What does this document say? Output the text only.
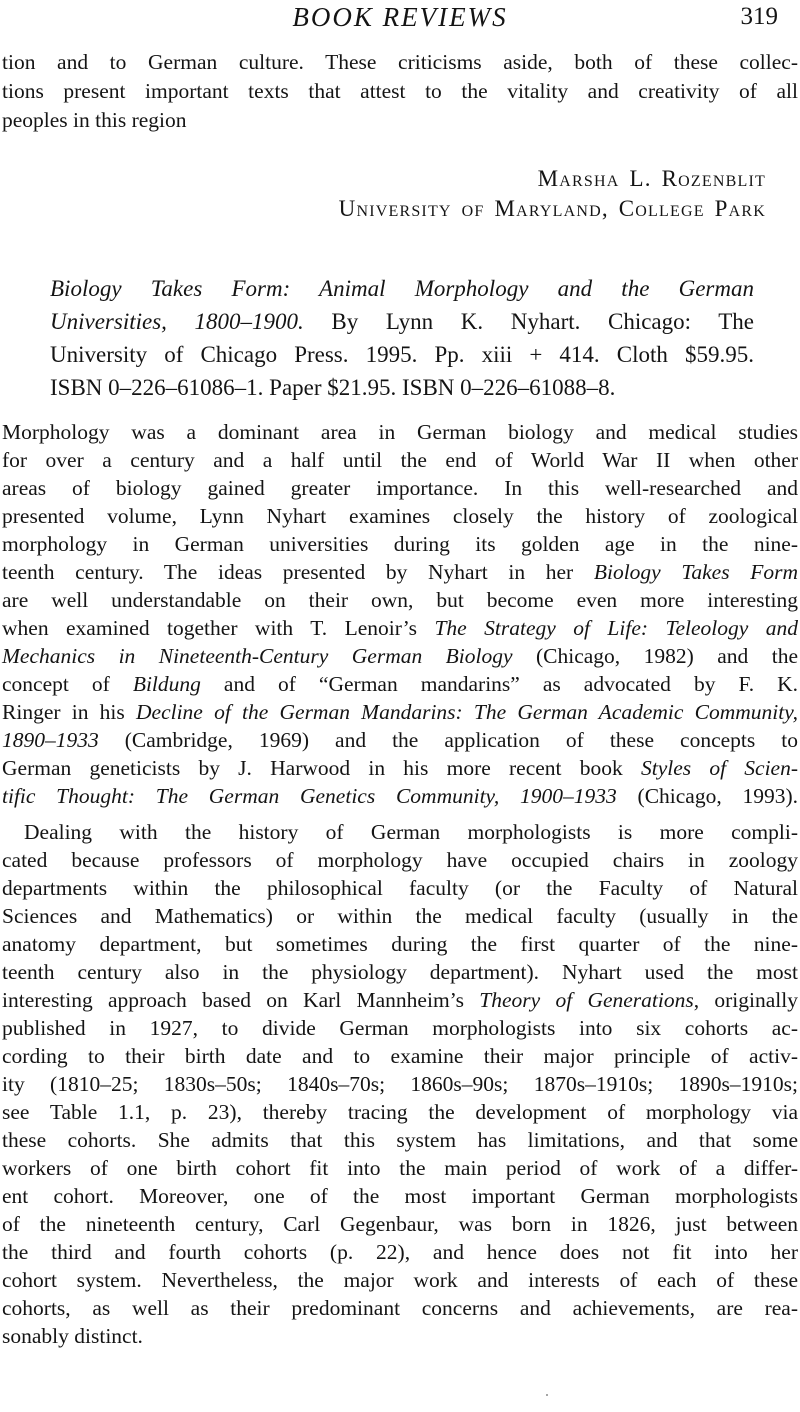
BOOK REVIEWS	319
tion and to German culture. These criticisms aside, both of these collec-
tions present important texts that attest to the vitality and creativity of all
peoples in this region
Marsha L. Rozenblit
University of Maryland, College Park
Biology Takes Form: Animal Morphology and the German
Universities, 1800–1900. By Lynn K. Nyhart. Chicago: The
University of Chicago Press. 1995. Pp. xiii + 414. Cloth $59.95.
ISBN 0–226–61086–1. Paper $21.95. ISBN 0–226–61088–8.
Morphology was a dominant area in German biology and medical studies
for over a century and a half until the end of World War II when other
areas of biology gained greater importance. In this well-researched and
presented volume, Lynn Nyhart examines closely the history of zoological
morphology in German universities during its golden age in the nine-
teenth century. The ideas presented by Nyhart in her Biology Takes Form
are well understandable on their own, but become even more interesting
when examined together with T. Lenoir’s The Strategy of Life: Teleology and
Mechanics in Nineteenth-Century German Biology (Chicago, 1982) and the
concept of Bildung and of “German mandarins” as advocated by F. K.
Ringer in his Decline of the German Mandarins: The German Academic Community,
1890–1933 (Cambridge, 1969) and the application of these concepts to
German geneticists by J. Harwood in his more recent book Styles of Scien-
tific Thought: The German Genetics Community, 1900–1933 (Chicago, 1993).
Dealing with the history of German morphologists is more compli-
cated because professors of morphology have occupied chairs in zoology
departments within the philosophical faculty (or the Faculty of Natural
Sciences and Mathematics) or within the medical faculty (usually in the
anatomy department, but sometimes during the first quarter of the nine-
teenth century also in the physiology department). Nyhart used the most
interesting approach based on Karl Mannheim’s Theory of Generations, originally
published in 1927, to divide German morphologists into six cohorts ac-
cording to their birth date and to examine their major principle of activ-
ity (1810–25; 1830s–50s; 1840s–70s; 1860s–90s; 1870s–1910s; 1890s–1910s;
see Table 1.1, p. 23), thereby tracing the development of morphology via
these cohorts. She admits that this system has limitations, and that some
workers of one birth cohort fit into the main period of work of a differ-
ent cohort. Moreover, one of the most important German morphologists
of the nineteenth century, Carl Gegenbaur, was born in 1826, just between
the third and fourth cohorts (p. 22), and hence does not fit into her
cohort system. Nevertheless, the major work and interests of each of these
cohorts, as well as their predominant concerns and achievements, are rea-
sonably distinct.
